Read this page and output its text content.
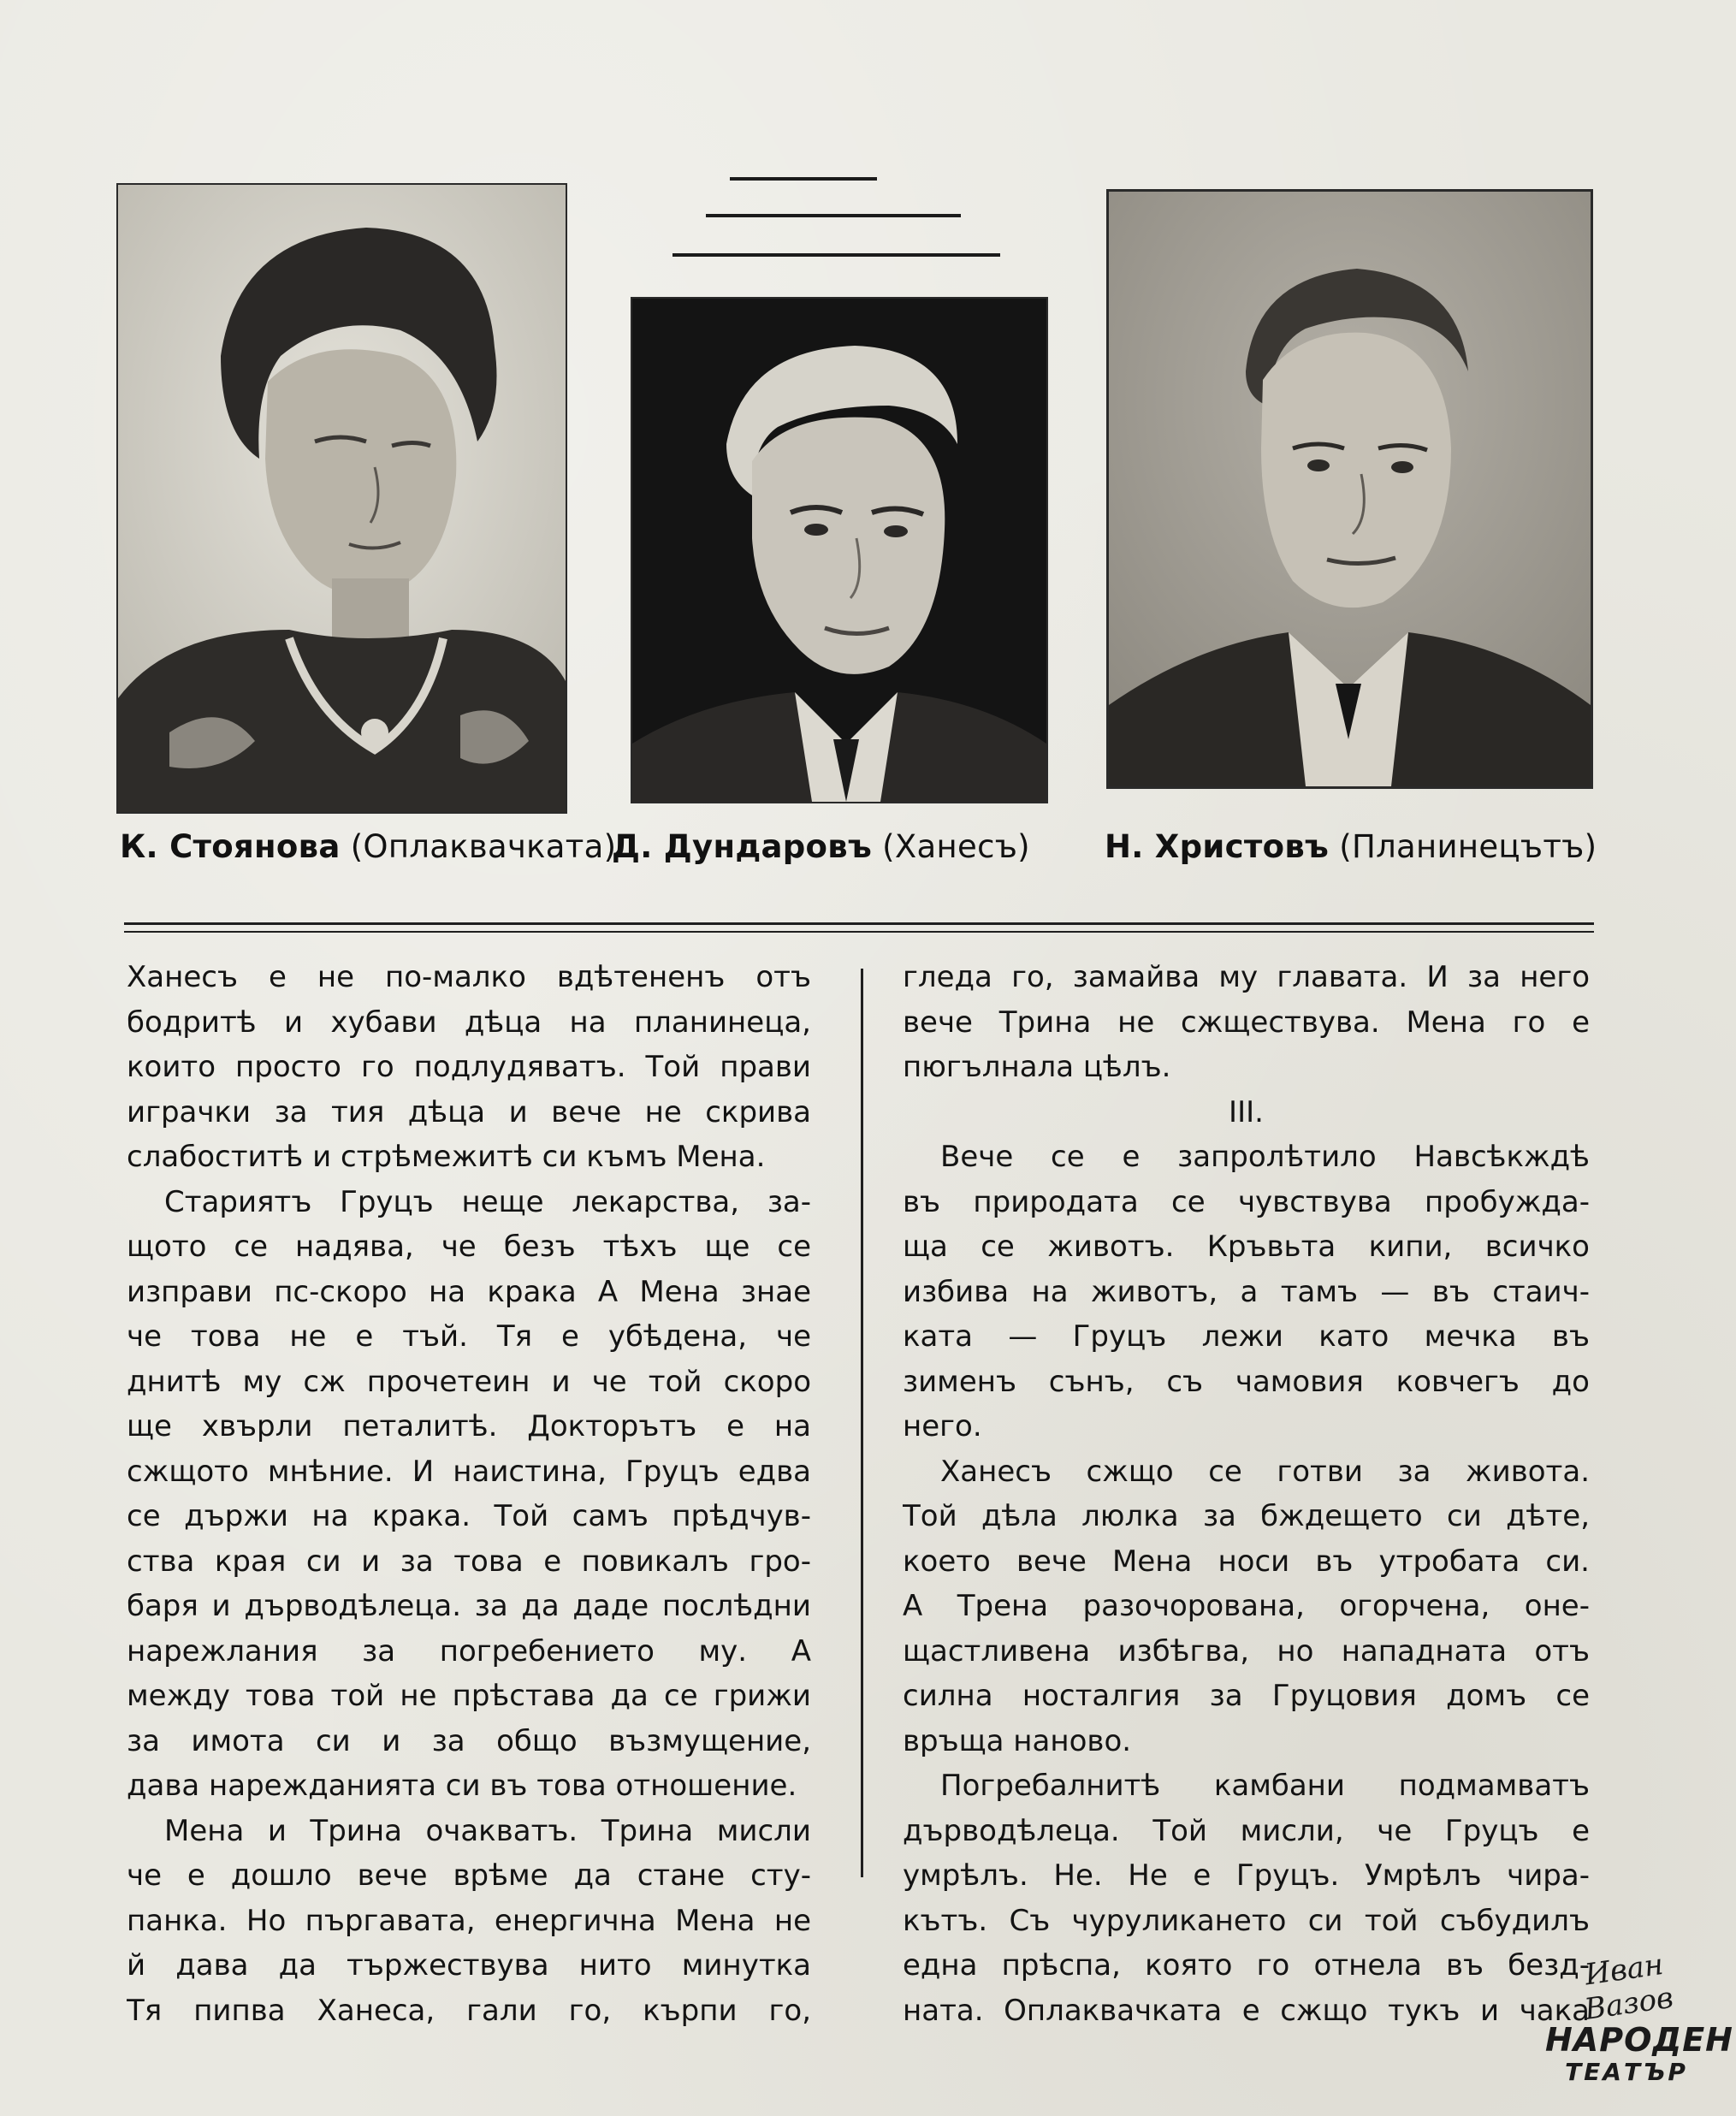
К. Стоянова (Оплаквачката)
Д. Дундаровъ (Ханесъ) Н. Христовъ (Планинецътъ)
Ханесъ е не по-малко вдѣтененъ отъ
бодритѣ и хубави дѣца на планинеца,
които просто го подлудяватъ. Той прави
играчки за тия дѣца и вече не скрива
слабоститѣ и стрѣмежитѣ си къмъ Мена.
Стариятъ Груцъ неще лекарства, за-
щото се надява, че безъ тѣхъ ще се
изправи пс-скоро на крака А Мена знае
че това не е тъй. Тя е убѣдена, че
днитѣ му сж прочетеин и че той скоро
ще хвърли петалитѣ. Докторътъ е на
сжщото мнѣние. И наистина, Груцъ едва
се държи на крака. Той самъ прѣдчув-
ства края си и за това е повикалъ гро-
баря и дърводѣлеца. за да даде послѣдни
нарежлания за погребението му. А
между това той не прѣстава да се грижи
за имота си и за общо възмущение,
дава нарежданията си въ това отношение.
Мена и Трина очакватъ. Трина мисли
че е дошло вече врѣме да стане сту-
панка. Но пъргавата, енергична Мена не
й дава да тържествува нито минутка
Тя пипва Ханеса, гали го, кърпи го,
гледа го, замайва му главата. И за него
вече Трина не сжществува. Мена го е
пюгълнала цѣлъ.
III.
Вече се е запролѣтило Навсѣкждѣ
въ природата се чувствува пробужда-
ща се животъ. Кръвьта кипи, всичко
избива на животъ, а тамъ — въ стаич-
ката — Груцъ лежи като мечка въ
зименъ сънъ, съ чамовия ковчегъ до
него.
Ханесъ сжщо се готви за живота.
Той дѣла люлка за бждещето си дѣте,
което вече Мена носи въ утробата си.
А Трена разочорована, огорчена, оне-
щастливена избѣгва, но нападната отъ
силна носталгия за Груцовия домъ се
връща наново.
Погребалнитѣ камбани подмамватъ
дърводѣлеца. Той мисли, че Груцъ е
умрѣлъ. Не. Не е Груцъ. Умрѣлъ чира-
кътъ. Съ чуруликането си той събудилъ
една прѣспа, която го отнела въ безд-
ната. Оплаквачката е сжщо тукъ и чака
Иван Вазов
НАРОДЕН
ТЕАТЪР
